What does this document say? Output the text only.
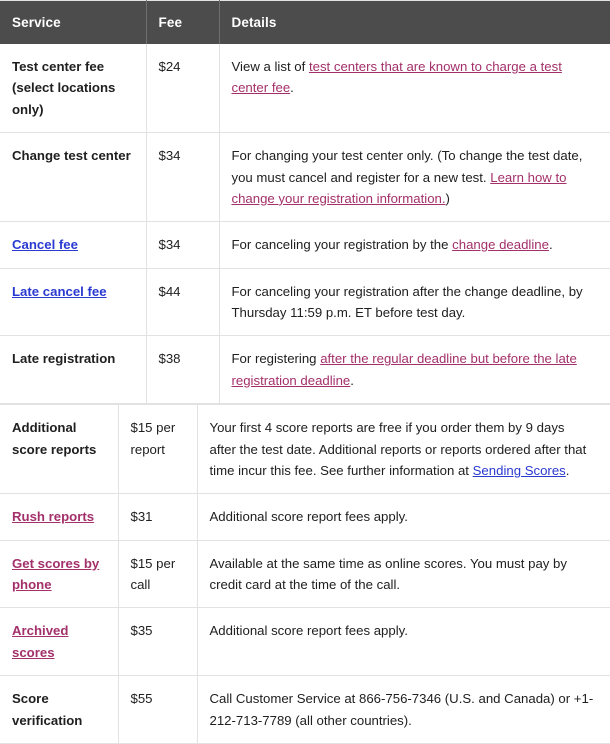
Service	Fee	Details
Test center fee (select locations only)	$24	View a list of test centers that are known to charge a test center fee.
Change test center	$34	For changing your test center only. (To change the test date, you must cancel and register for a new test. Learn how to change your registration information.)
Cancel fee	$34	For canceling your registration by the change deadline.
Late cancel fee	$44	For canceling your registration after the change deadline, by Thursday 11:59 p.m. ET before test day.
Late registration	$38	For registering after the regular deadline but before the late registration deadline.
Additional score reports	$15 per report	Your first 4 score reports are free if you order them by 9 days after the test date. Additional reports or reports ordered after that time incur this fee. See further information at Sending Scores.
Rush reports	$31	Additional score report fees apply.
Get scores by phone	$15 per call	Available at the same time as online scores. You must pay by credit card at the time of the call.
Archived scores	$35	Additional score report fees apply.
Score verification	$55	Call Customer Service at 866-756-7346 (U.S. and Canada) or +1-212-713-7789 (all other countries).
